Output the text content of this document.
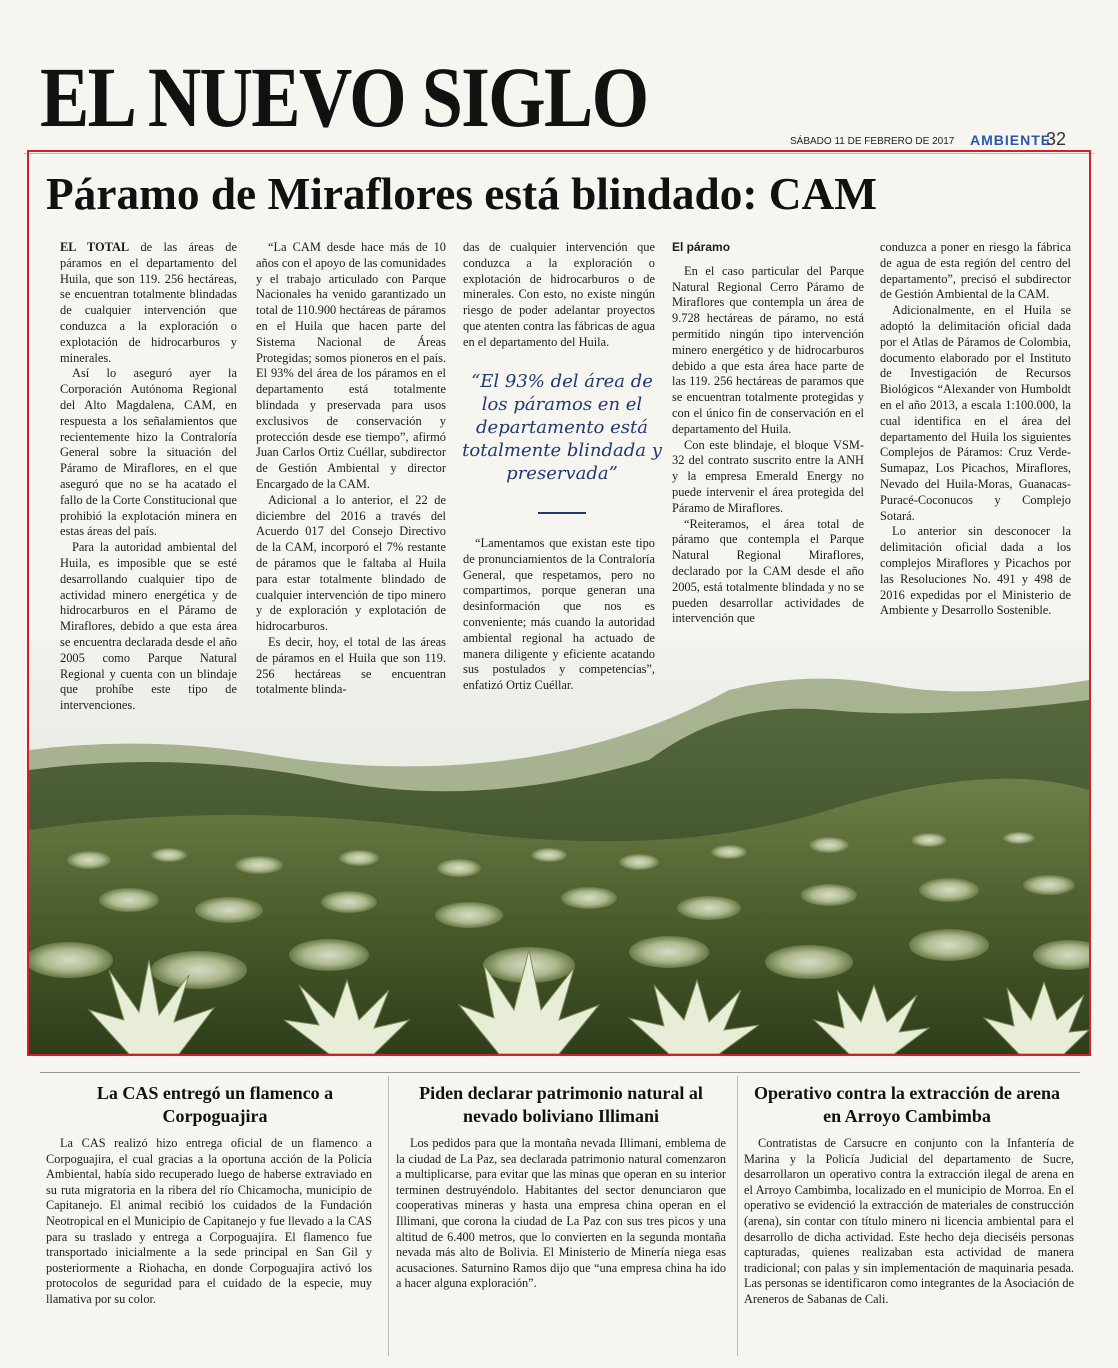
EL NUEVO SIGLO	SÁBADO 11 DE FEBRERO DE 2017 AMBIENTE
32
Páramo de Miraflores está blindado: CAM

EL TOTAL de las áreas de páramos en el departamento del Huila, que son 119. 256 hectáreas, se encuentran totalmente blindadas de cualquier intervención que conduzca a la exploración o explotación de hidrocarburos y minerales.

Así lo aseguró ayer la Corporación Autónoma Regional del Alto Magdalena, CAM, en respuesta a los señalamientos que recientemente hizo la Contraloría General sobre la situación del Páramo de Miraflores, en el que aseguró que no se ha acatado el fallo de la Corte Constitucional que prohibió la explotación minera en estas áreas del país.

Para la autoridad ambiental del Huila, es imposible que se esté desarrollando cualquier tipo de actividad minero energética y de hidrocarburos en el Páramo de Miraflores, debido a que esta área se encuentra declarada desde el año 2005 como Parque Natural Regional y cuenta con un blindaje que prohíbe este tipo de intervenciones.

“La CAM desde hace más de 10 años con el apoyo de las comunidades y el trabajo articulado con Parque Nacionales ha venido garantizado un total de 110.900 hectáreas de páramos en el Huila que hacen parte del Sistema Nacional de Áreas Protegidas; somos pioneros en el país. El 93% del área de los páramos en el departamento está totalmente blindada y preservada para usos exclusivos de conservación y protección desde ese tiempo”, afirmó Juan Carlos Ortiz Cuéllar, subdirector de Gestión Ambiental y director Encargado de la CAM.

Adicional a lo anterior, el 22 de diciembre del 2016 a través del Acuerdo 017 del Consejo Directivo de la CAM, incorporó el 7% restante de páramos que le faltaba al Huila para estar totalmente blindado de cualquier intervención de tipo minero y de exploración y explotación de hidrocarburos.

Es decir, hoy, el total de las áreas de páramos en el Huila que son 119. 256 hectáreas se encuentran totalmente blinda-

das de cualquier intervención que conduzca a la exploración o explotación de hidrocarburos o de minerales. Con esto, no existe ningún riesgo de poder adelantar proyectos que atenten contra las fábricas de agua en el departamento del Huila.

“El 93% del área de los páramos en el departamento está totalmente blindada y preservada”

“Lamentamos que existan este tipo de pronunciamientos de la Contraloría General, que respetamos, pero no compartimos, porque generan una desinformación que nos es conveniente; más cuando la autoridad ambiental regional ha actuado de manera diligente y eficiente acatando sus postulados y competencias”, enfatizó Ortiz Cuéllar.

El páramo

En el caso particular del Parque Natural Regional Cerro Páramo de Miraflores que contempla un área de 9.728 hectáreas de páramo, no está permitido ningún tipo intervención minero energético y de hidrocarburos debido a que esta área hace parte de las 119. 256 hectáreas de paramos que se encuentran totalmente protegidas y con el único fin de conservación en el departamento del Huila.

Con este blindaje, el bloque VSM-32 del contrato suscrito entre la ANH y la empresa Emerald Energy no puede intervenir el área protegida del Páramo de Miraflores.

“Reiteramos, el área total de páramo que contempla el Parque Natural Regional Miraflores, declarado por la CAM desde el año 2005, está totalmente blindada y no se pueden desarrollar actividades de intervención que

conduzca a poner en riesgo la fábrica de agua de esta región del centro del departamento”, precisó el subdirector de Gestión Ambiental de la CAM.

Adicionalmente, en el Huila se adoptó la delimitación oficial dada por el Atlas de Páramos de Colombia, documento elaborado por el Instituto de Investigación de Recursos Biológicos “Alexander von Humboldt en el año 2013, a escala 1:100.000, la cual identifica en el área del departamento del Huila los siguientes Complejos de Páramos: Cruz Verde-Sumapaz, Los Picachos, Miraflores, Nevado del Huila-Moras, Guanacas-Puracé-Coconucos y Complejo Sotará.

Lo anterior sin desconocer la delimitación oficial dada a los complejos Miraflores y Picachos por las Resoluciones No. 491 y 498 de 2016 expedidas por el Ministerio de Ambiente y Desarrollo Sostenible.

La CAS entregó un flamenco a Corpoguajira

La CAS realizó hizo entrega oficial de un flamenco a Corpoguajira, el cual gracias a la oportuna acción de la Policía Ambiental, había sido recuperado luego de haberse extraviado en su ruta migratoria en la ribera del río Chicamocha, municipio de Capitanejo. El animal recibió los cuidados de la Fundación Neotropical en el Municipio de Capitanejo y fue llevado a la CAS para su traslado y entrega a Corpoguajira. El flamenco fue transportado inicialmente a la sede principal en San Gil y posteriormente a Riohacha, en donde Corpoguajira activó los protocolos de seguridad para el cuidado de la especie, muy llamativa por su color.

Piden declarar patrimonio natural al nevado boliviano Illimani

Los pedidos para que la montaña nevada Illimani, emblema de la ciudad de La Paz, sea declarada patrimonio natural comenzaron a multiplicarse, para evitar que las minas que operan en su interior terminen destruyéndolo. Habitantes del sector denunciaron que cooperativas mineras y hasta una empresa china operan en el Illimani, que corona la ciudad de La Paz con sus tres picos y una altitud de 6.400 metros, que lo convierten en la segunda montaña nevada más alto de Bolivia. El Ministerio de Minería niega esas acusaciones. Saturnino Ramos dijo que “una empresa china ha ido a hacer alguna exploración”.

Operativo contra la extracción de arena en Arroyo Cambimba

Contratistas de Carsucre en conjunto con la Infantería de Marina y la Policía Judicial del departamento de Sucre, desarrollaron un operativo contra la extracción ilegal de arena en el Arroyo Cambimba, localizado en el municipio de Morroa. En el operativo se evidenció la extracción de materiales de construcción (arena), sin contar con título minero ni licencia ambiental para el desarrollo de dicha actividad. Este hecho deja dieciséis personas capturadas, quienes realizaban esta actividad de manera tradicional; con palas y sin implementación de maquinaria pesada. Las personas se identificaron como integrantes de la Asociación de Areneros de Sabanas de Cali.
